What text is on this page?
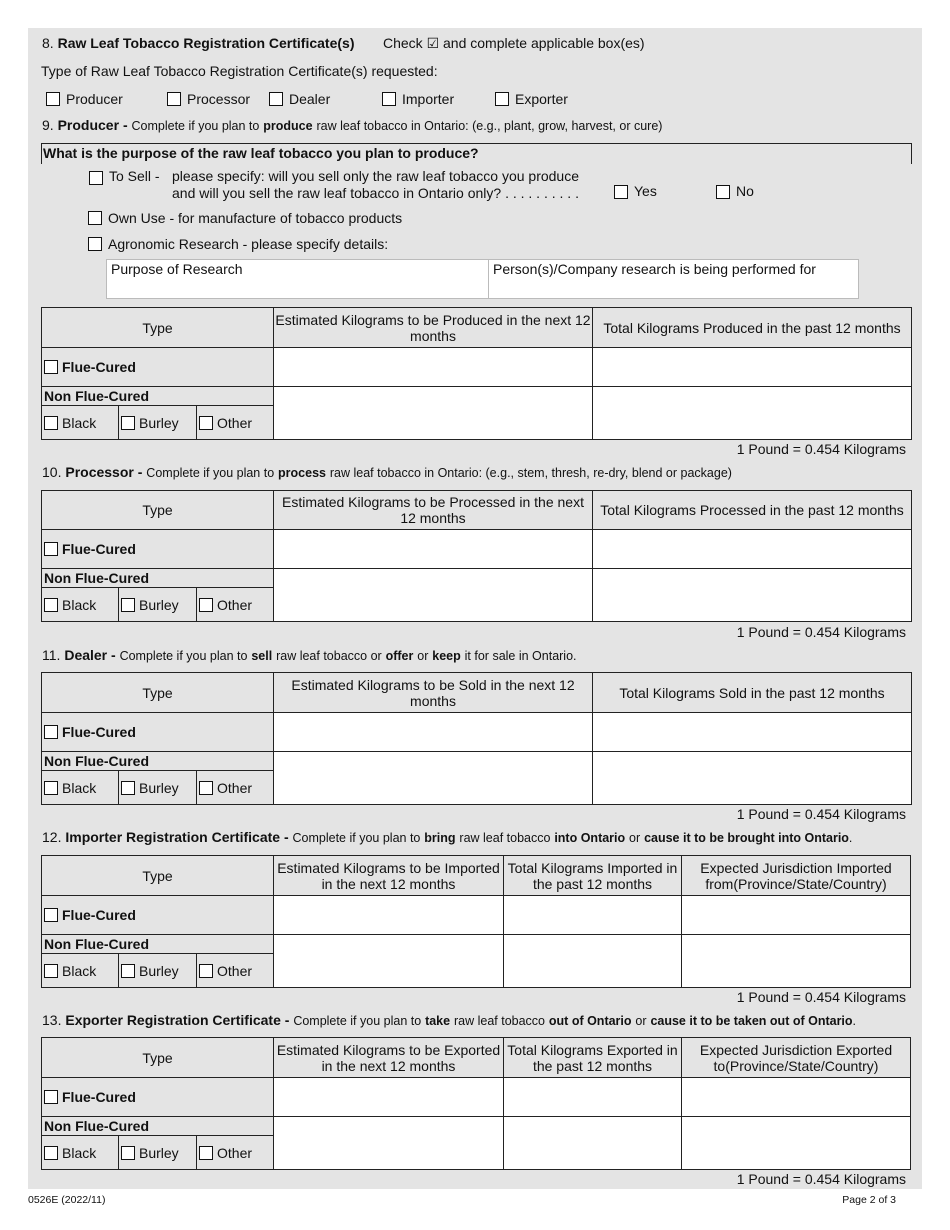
8. Raw Leaf Tobacco Registration Certificate(s) Check ☑ and complete applicable box(es)
Type of Raw Leaf Tobacco Registration Certificate(s) requested:
Producer	Processor	Dealer	Importer	Exporter
9. Producer - Complete if you plan to produce raw leaf tobacco in Ontario: (e.g., plant, grow, harvest, or cure)
What is the purpose of the raw leaf tobacco you plan to produce?
To Sell - please specify: will you sell only the raw leaf tobacco you produce
and will you sell the raw leaf tobacco in Ontario only? . . . . . . . . . .	Yes	No
Own Use - for manufacture of tobacco products
Agronomic Research - please specify details:
Purpose of Research	Person(s)/Company research is being performed for
Type			Estimated Kilograms to be Produced in the next 12 months	Total Kilograms Produced in the past 12 months

Flue-Cured				

Non Flue-Cured				

Black	Burley	Other		
1 Pound = 0.454 Kilograms
10. Processor - Complete if you plan to process raw leaf tobacco in Ontario: (e.g., stem, thresh, re-dry, blend or package)
Type			Estimated Kilograms to be Processed in the next 12 months	Total Kilograms Processed in the past 12 months

Flue-Cured				

Non Flue-Cured				

Black	Burley	Other		
1 Pound = 0.454 Kilograms
11. Dealer - Complete if you plan to sell raw leaf tobacco or offer or keep it for sale in Ontario.
Type			Estimated Kilograms to be Sold in the next 12 months	Total Kilograms Sold in the past 12 months

Flue-Cured				

Non Flue-Cured				

Black	Burley	Other		
1 Pound = 0.454 Kilograms
12. Importer Registration Certificate - Complete if you plan to bring raw leaf tobacco into Ontario or cause it to be brought into Ontario.
Type			Estimated Kilograms to be Imported in the next 12 months	Total Kilograms Imported in the past 12 months	Expected Jurisdiction Imported from(Province/State/Country)

Flue-Cured					

Non Flue-Cured					

Black	Burley	Other			
1 Pound = 0.454 Kilograms
13. Exporter Registration Certificate - Complete if you plan to take raw leaf tobacco out of Ontario or cause it to be taken out of Ontario.
Type			Estimated Kilograms to be Exported in the next 12 months	Total Kilograms Exported in the past 12 months	Expected Jurisdiction Exported to(Province/State/Country)

Flue-Cured					

Non Flue-Cured					

Black	Burley	Other			
1 Pound = 0.454 Kilograms
0526E (2022/11)	Page 2 of 3
